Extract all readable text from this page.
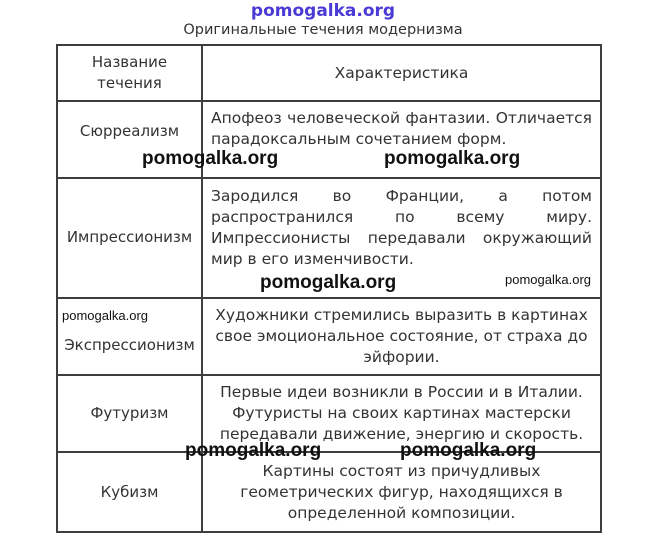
pomogalka.org
Оригинальные течения модернизма
Название течения	Характеристика

Сюрреализм	Апофеоз человеческой фантазии. Отличается парадоксальным сочетанием форм.

Импрессионизм	Зародился во Франции, а потом распространился по всему миру. Импрессионисты передавали окружающий мир в его изменчивости.

Экспрессионизм	Художники стремились выразить в картинах свое эмоциональное состояние, от страха до эйфории.

Футуризм	Первые идеи возникли в России и в Италии. Футуристы на своих картинах мастерски передавали движение, энергию и скорость.

Кубизм	Картины состоят из причудливых геометрических фигур, находящихся в определенной композиции.
pomogalka.org	pomogalka.org
pomogalka.org	pomogalka.org
pomogalka.org
pomogalka.org	pomogalka.org
